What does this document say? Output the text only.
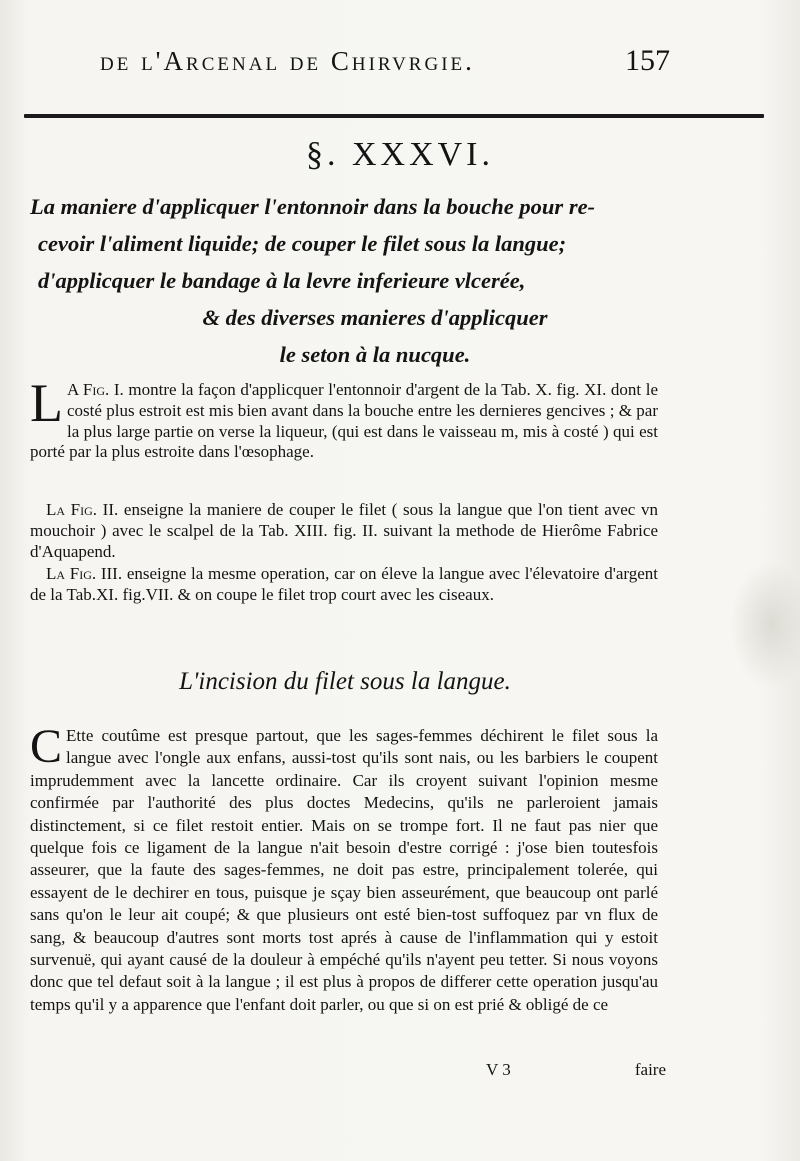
de l'Arcenal de Chirvrgie.	157
§. XXXVI.
La maniere d'applicquer l'entonnoir dans la bouche pour re-
cevoir l'aliment liquide; de couper le filet sous la langue;
d'applicquer le bandage à la levre inferieure vlcerée,
& des diverses manieres d'applicquer
le seton à la nucque.
L A Fig. I. montre la façon d'applicquer l'entonnoir d'argent de la Tab. X. fig. XI. dont le costé plus estroit est mis bien avant dans la bouche entre les dernieres gencives ; & par la plus large partie on verse la liqueur, (qui est dans le vaisseau m, mis à costé ) qui est porté par la plus estroite dans l'œsophage.
La Fig. II. enseigne la maniere de couper le filet ( sous la langue que l'on tient avec vn mouchoir ) avec le scalpel de la Tab. XIII. fig. II. suivant la methode de Hierôme Fabrice d'Aquapend.
La Fig. III. enseigne la mesme operation, car on éleve la langue avec l'élevatoire d'argent de la Tab.XI. fig.VII. & on coupe le filet trop court avec les ciseaux.
L'incision du filet sous la langue.
C Ette coutûme est presque partout, que les sages-femmes déchirent le filet sous la langue avec l'ongle aux enfans, aussi-tost qu'ils sont nais, ou les barbiers le coupent imprudemment avec la lancette ordinaire. Car ils croyent suivant l'opinion mesme confirmée par l'authorité des plus doctes Medecins, qu'ils ne parleroient jamais distinctement, si ce filet restoit entier. Mais on se trompe fort. Il ne faut pas nier que quelque fois ce ligament de la langue n'ait besoin d'estre corrigé : j'ose bien toutesfois asseurer, que la faute des sages-femmes, ne doit pas estre, principalement tolerée, qui essayent de le dechirer en tous, puisque je sçay bien asseurément, que beaucoup ont parlé sans qu'on le leur ait coupé; & que plusieurs ont esté bien-tost suffoquez par vn flux de sang, & beaucoup d'autres sont morts tost aprés à cause de l'inflammation qui y estoit survenuë, qui ayant causé de la douleur à empéché qu'ils n'ayent peu tetter. Si nous voyons donc que tel defaut soit à la langue ; il est plus à propos de differer cette operation jusqu'au temps qu'il y a apparence que l'enfant doit parler, ou que si on est prié & obligé de ce
V 3	faire
